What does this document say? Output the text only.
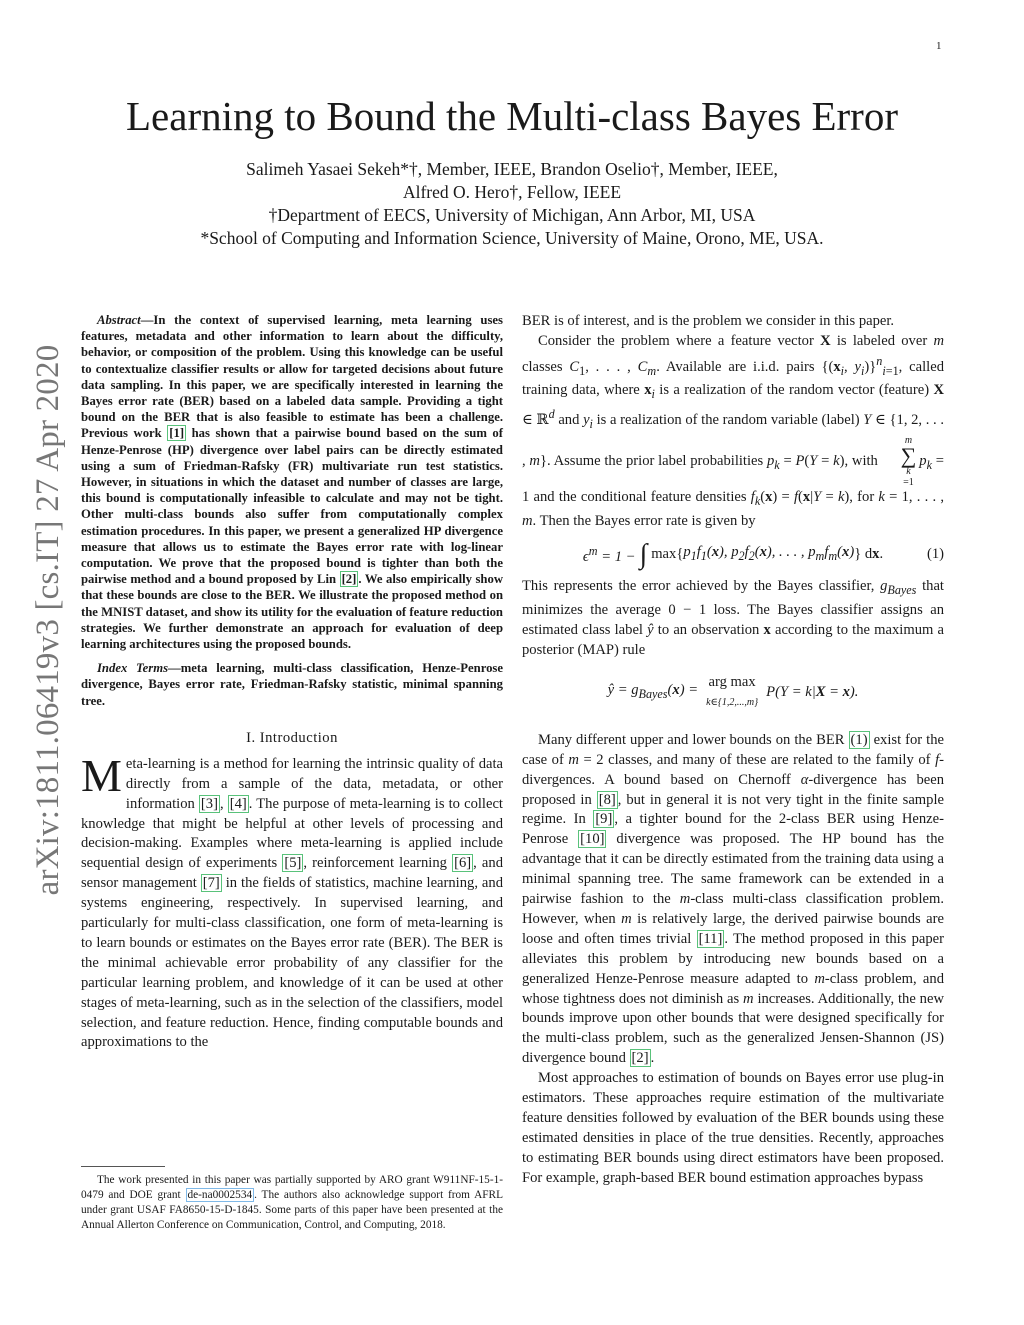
1
arXiv:1811.06419v3 [cs.IT] 27 Apr 2020
Learning to Bound the Multi-class Bayes Error
Salimeh Yasaei Sekeh*†, Member, IEEE, Brandon Oselio†, Member, IEEE,
Alfred O. Hero†, Fellow, IEEE
†Department of EECS, University of Michigan, Ann Arbor, MI, USA
*School of Computing and Information Science, University of Maine, Orono, ME, USA.

Abstract—In the context of supervised learning, meta learning uses features, metadata and other information to learn about the difficulty, behavior, or composition of the problem. Using this knowledge can be useful to contextualize classifier results or allow for targeted decisions about future data sampling. In this paper, we are specifically interested in learning the Bayes error rate (BER) based on a labeled data sample. Providing a tight bound on the BER that is also feasible to estimate has been a challenge. Previous work [1] has shown that a pairwise bound based on the sum of Henze-Penrose (HP) divergence over label pairs can be directly estimated using a sum of Friedman-Rafsky (FR) multivariate run test statistics. However, in situations in which the dataset and number of classes are large, this bound is computationally infeasible to calculate and may not be tight. Other multi-class bounds also suffer from computationally complex estimation procedures. In this paper, we present a generalized HP divergence measure that allows us to estimate the Bayes error rate with log-linear computation. We prove that the proposed bound is tighter than both the pairwise method and a bound proposed by Lin [2] . We also empirically show that these bounds are close to the BER. We illustrate the proposed method on the MNIST dataset, and show its utility for the evaluation of feature reduction strategies. We further demonstrate an approach for evaluation of deep learning architectures using the proposed bounds.

Index Terms—meta learning, multi-class classification, Henze-Penrose divergence, Bayes error rate, Friedman-Rafsky statistic, minimal spanning tree.

I. Introduction

Meta-learning is a method for learning the intrinsic quality of data directly from a sample of the data, metadata, or other information [3] , [4] . The purpose of meta-learning is to collect knowledge that might be helpful at other levels of processing and decision-making. Examples where meta-learning is applied include sequential design of experiments [5] , reinforcement learning [6] , and sensor management [7] in the fields of statistics, machine learning, and systems engineering, respectively. In supervised learning, and particularly for multi-class classification, one form of meta-learning is to learn bounds or estimates on the Bayes error rate (BER). The BER is the minimal achievable error probability of any classifier for the particular learning problem, and knowledge of it can be used at other stages of meta-learning, such as in the selection of the classifiers, model selection, and feature reduction. Hence, finding computable bounds and approximations to the

The work presented in this paper was partially supported by ARO grant W911NF-15-1-0479 and DOE grant de-na0002534 . The authors also acknowledge support from AFRL under grant USAF FA8650-15-D-1845. Some parts of this paper have been presented at the Annual Allerton Conference on Communication, Control, and Computing, 2018.

BER is of interest, and is the problem we consider in this paper.

Consider the problem where a feature vector X is labeled over m classes $C_1$, . . . , $C_m$. Available are i.i.d. pairs {($x_i$, $y_i)\}^n_{i=1}$, called training data, where $x_i$ is a realization of the random vector (feature) X ∈ ℝ$^d$ and $y_i$ is a realization of the random variable (label) Y ∈ {1, 2, . . . , m}. Assume the prior label probabilities $p_k = P(Y = k)$, with
m
∑
k
$=1p_k = 1$ and the conditional feature densities $f_k(x) = f(x|Y = k)$, for k = 1, . . . , m. Then the Bayes error rate is given by

$\epsilon^m = 1$ − ∫ max{ $p_1f_1(x)$, $p_2f_2(x)$, . . . , $p_mf_m(x)$ } dx.	(1)

This represents the error achieved by the Bayes classifier, $g_{Bayes}$ that minimizes the average 0 − 1 loss. The Bayes classifier assigns an estimated class label ŷ to an observation x according to the maximum a posterior (MAP) rule

ŷ = $g_{Bayes}(x)$ = arg max
k∈{1,2,...,m}
P(Y = k|X = x).

Many different upper and lower bounds on the BER (1) exist for the case of m = 2 classes, and many of these are related to the family of f-divergences. A bound based on Chernoff α-divergence has been proposed in [8] , but in general it is not very tight in the finite sample regime. In [9] , a tighter bound for the 2-class BER using Henze-Penrose [10] divergence was proposed. The HP bound has the advantage that it can be directly estimated from the training data using a minimal spanning tree. The same framework can be extended in a pairwise fashion to the m-class multi-class classification problem. However, when m is relatively large, the derived pairwise bounds are loose and often times trivial [11] . The method proposed in this paper alleviates this problem by introducing new bounds based on a generalized Henze-Penrose measure adapted to m-class problem, and whose tightness does not diminish as m increases. Additionally, the new bounds improve upon other bounds that were designed specifically for the multi-class problem, such as the generalized Jensen-Shannon (JS) divergence bound [2] .

Most approaches to estimation of bounds on Bayes error use plug-in estimators. These approaches require estimation of the multivariate feature densities followed by evaluation of the BER bounds using these estimated densities in place of the true densities. Recently, approaches to estimating BER bounds using direct estimators have been proposed. For example, graph-based BER bound estimation approaches bypass
